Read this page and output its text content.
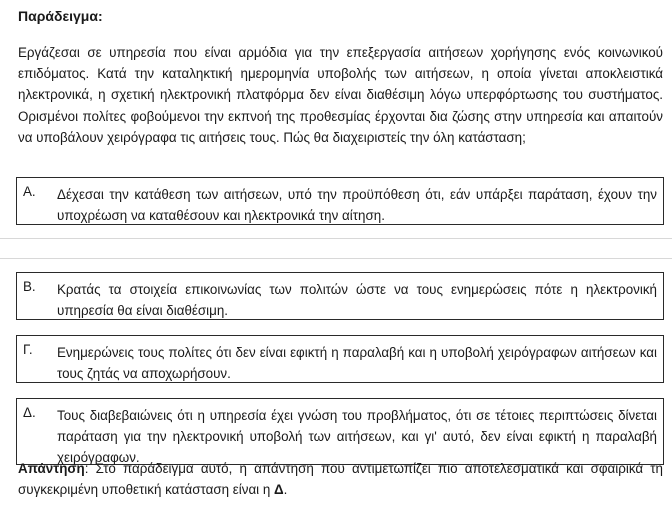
Παράδειγμα:
Εργάζεσαι σε υπηρεσία που είναι αρμόδια για την επεξεργασία αιτήσεων χορήγησης ενός κοινωνικού επιδόματος. Κατά την καταληκτική ημερομηνία υποβολής των αιτήσεων, η οποία γίνεται αποκλειστικά ηλεκτρονικά, η σχετική ηλεκτρονική πλατφόρμα δεν είναι διαθέσιμη λόγω υπερφόρτωσης του συστήματος. Ορισμένοι πολίτες φοβούμενοι την εκπνοή της προθεσμίας έρχονται δια ζώσης στην υπηρεσία και απαιτούν να υποβάλουν χειρόγραφα τις αιτήσεις τους. Πώς θα διαχειριστείς την όλη κατάσταση;
Α. Δέχεσαι την κατάθεση των αιτήσεων, υπό την προϋπόθεση ότι, εάν υπάρξει παράταση, έχουν την υποχρέωση να καταθέσουν και ηλεκτρονικά την αίτηση.
Β. Κρατάς τα στοιχεία επικοινωνίας των πολιτών ώστε να τους ενημερώσεις πότε η ηλεκτρονική υπηρεσία θα είναι διαθέσιμη.
Γ. Ενημερώνεις τους πολίτες ότι δεν είναι εφικτή η παραλαβή και η υποβολή χειρόγραφων αιτήσεων και τους ζητάς να αποχωρήσουν.
Δ. Τους διαβεβαιώνεις ότι η υπηρεσία έχει γνώση του προβλήματος, ότι σε τέτοιες περιπτώσεις δίνεται παράταση για την ηλεκτρονική υποβολή των αιτήσεων, και γι' αυτό, δεν είναι εφικτή η παραλαβή χειρόγραφων.
Απάντηση: Στο παράδειγμα αυτό, η απάντηση που αντιμετωπίζει πιο αποτελεσματικά και σφαιρικά τη συγκεκριμένη υποθετική κατάσταση είναι η Δ.
